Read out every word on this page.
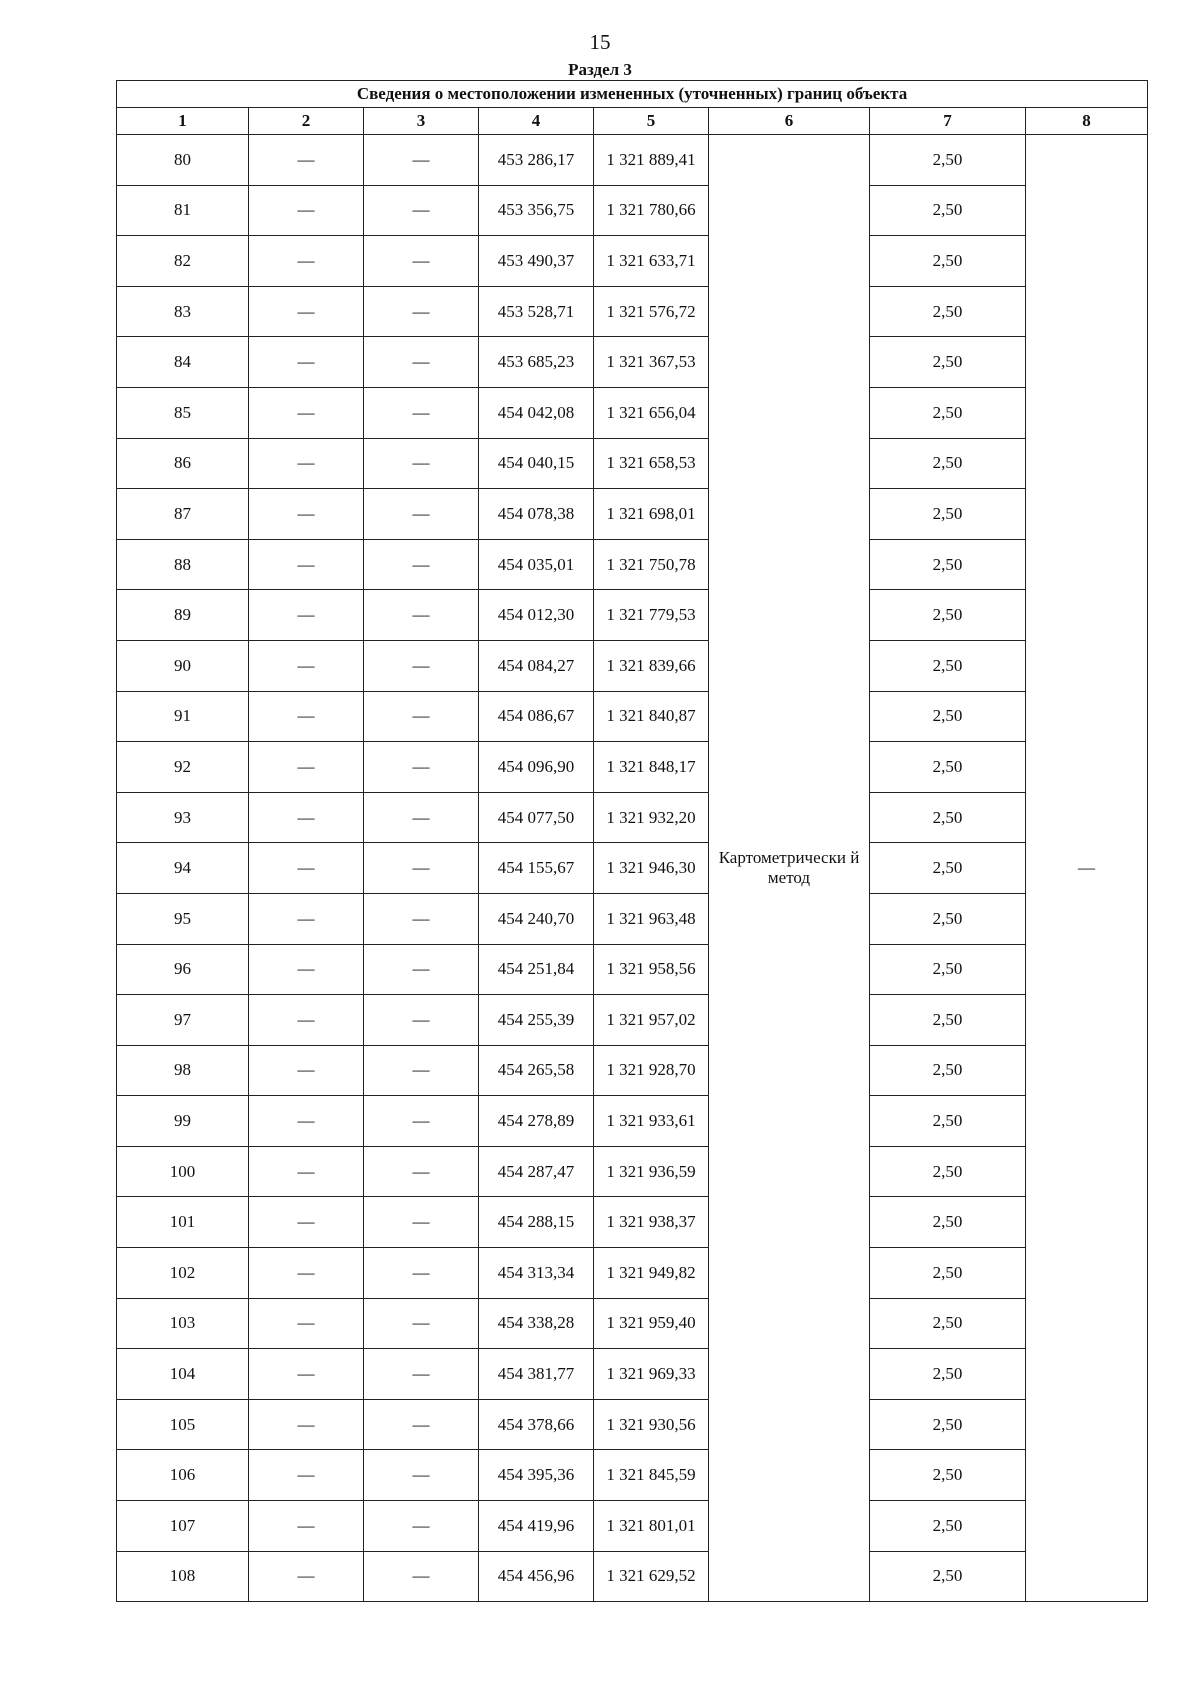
15
Раздел 3
Сведения о местоположении измененных (уточненных) границ объекта							
1	2	3	4	5	6	7	8
80	—	—	453 286,17	1 321 889,41	Картометрически й метод	2,50	—
81	—	—	453 356,75	1 321 780,66		2,50	
82	—	—	453 490,37	1 321 633,71		2,50	
83	—	—	453 528,71	1 321 576,72		2,50	
84	—	—	453 685,23	1 321 367,53		2,50	
85	—	—	454 042,08	1 321 656,04		2,50	
86	—	—	454 040,15	1 321 658,53		2,50	
87	—	—	454 078,38	1 321 698,01		2,50	
88	—	—	454 035,01	1 321 750,78		2,50	
89	—	—	454 012,30	1 321 779,53		2,50	
90	—	—	454 084,27	1 321 839,66		2,50	
91	—	—	454 086,67	1 321 840,87		2,50	
92	—	—	454 096,90	1 321 848,17		2,50	
93	—	—	454 077,50	1 321 932,20		2,50	
94	—	—	454 155,67	1 321 946,30		2,50	
95	—	—	454 240,70	1 321 963,48		2,50	
96	—	—	454 251,84	1 321 958,56		2,50	
97	—	—	454 255,39	1 321 957,02		2,50	
98	—	—	454 265,58	1 321 928,70		2,50	
99	—	—	454 278,89	1 321 933,61		2,50	
100	—	—	454 287,47	1 321 936,59		2,50	
101	—	—	454 288,15	1 321 938,37		2,50	
102	—	—	454 313,34	1 321 949,82		2,50	
103	—	—	454 338,28	1 321 959,40		2,50	
104	—	—	454 381,77	1 321 969,33		2,50	
105	—	—	454 378,66	1 321 930,56		2,50	
106	—	—	454 395,36	1 321 845,59		2,50	
107	—	—	454 419,96	1 321 801,01		2,50	
108	—	—	454 456,96	1 321 629,52		2,50	
